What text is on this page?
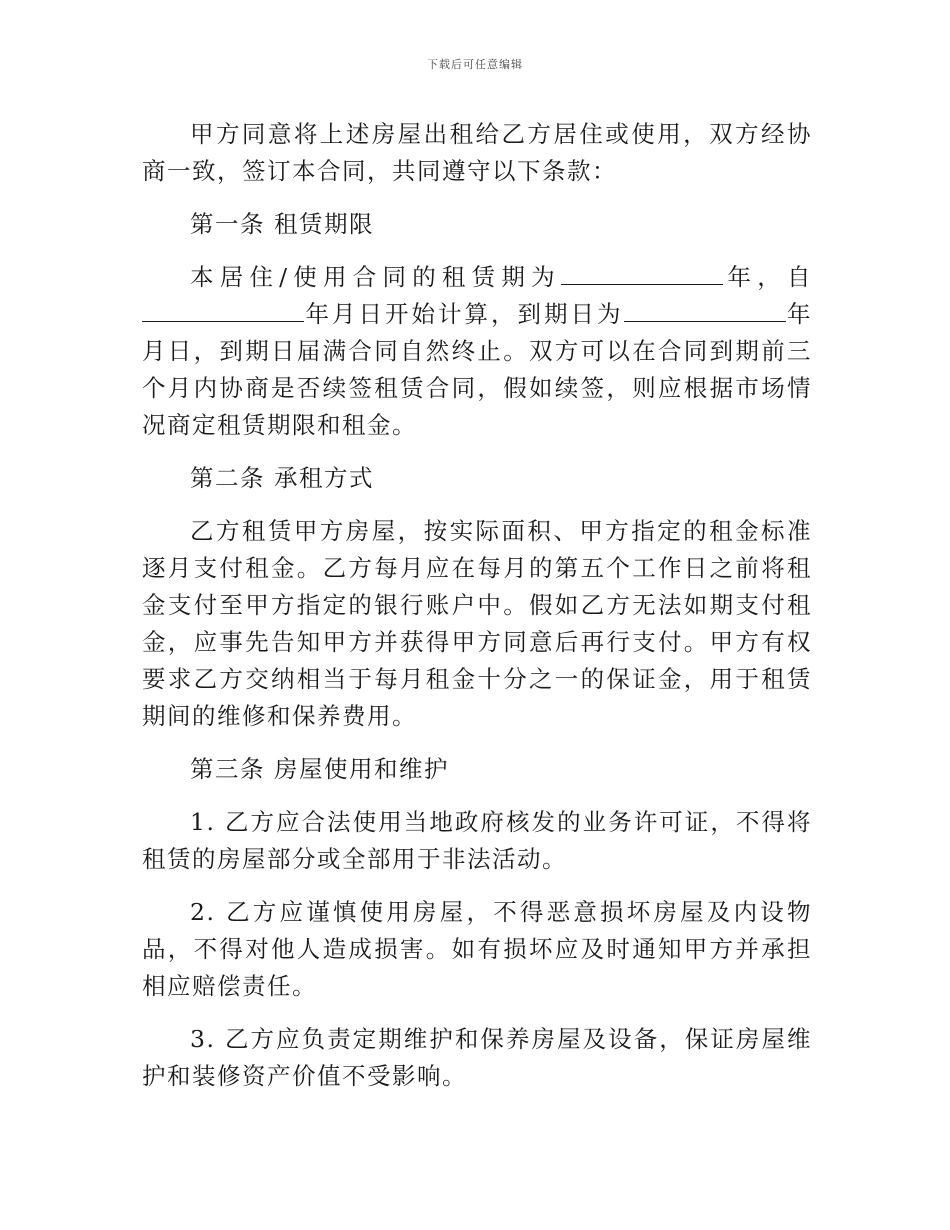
下载后可任意编辑

甲方同意将上述房屋出租给乙方居住或使用，双方经协商一致，签订本合同，共同遵守以下条款：

第一条 租赁期限

本居住/使用合同的租赁期为	年，自年月日开始计算，到期日为	年月日，到期日届满合同自然终止。双方可以在合同到期前三个月内协商是否续签租赁合同，假如续签，则应根据市场情况商定租赁期限和租金。

第二条 承租方式

乙方租赁甲方房屋，按实际面积、甲方指定的租金标准逐月支付租金。乙方每月应在每月的第五个工作日之前将租金支付至甲方指定的银行账户中。假如乙方无法如期支付租金，应事先告知甲方并获得甲方同意后再行支付。甲方有权要求乙方交纳相当于每月租金十分之一的保证金，用于租赁期间的维修和保养费用。

第三条 房屋使用和维护

1. 乙方应合法使用当地政府核发的业务许可证，不得将租赁的房屋部分或全部用于非法活动。

2. 乙方应谨慎使用房屋，不得恶意损坏房屋及内设物品，不得对他人造成损害。如有损坏应及时通知甲方并承担相应赔偿责任。

3. 乙方应负责定期维护和保养房屋及设备，保证房屋维护和装修资产价值不受影响。
